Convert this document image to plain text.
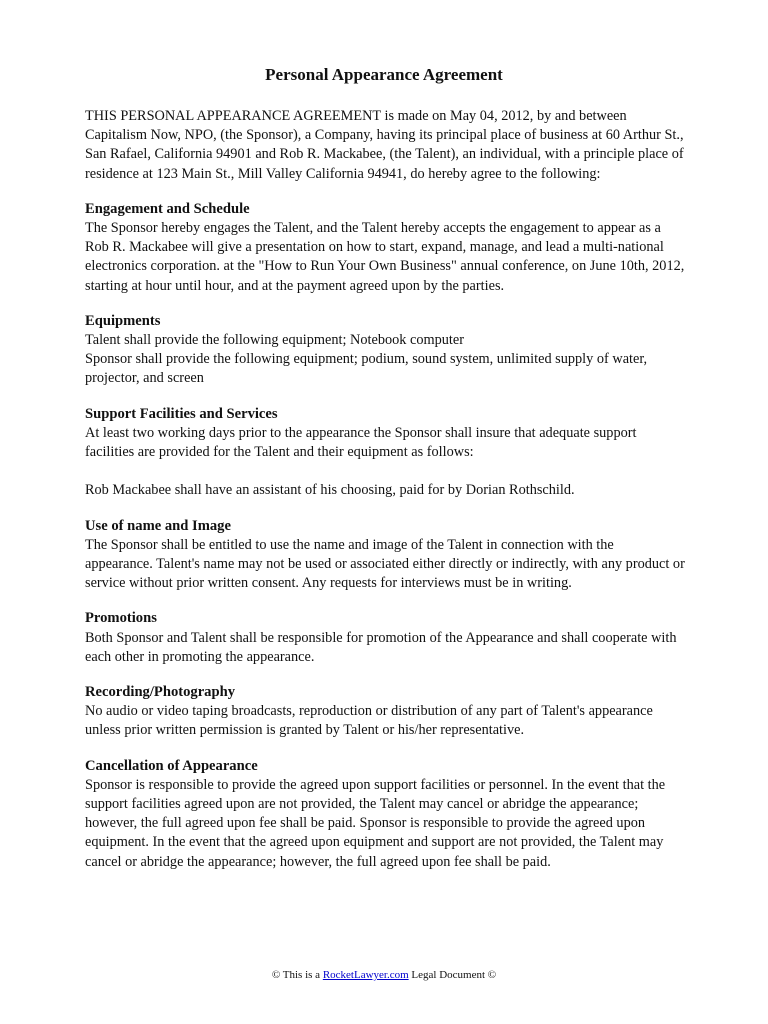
Personal Appearance Agreement

THIS PERSONAL APPEARANCE AGREEMENT is made on May 04, 2012, by and between Capitalism Now, NPO, (the Sponsor), a Company, having its principal place of business at 60 Arthur St., San Rafael, California 94901 and Rob R. Mackabee, (the Talent), an individual, with a principle place of residence at 123 Main St., Mill Valley California 94941, do hereby agree to the following:

Engagement and Schedule

The Sponsor hereby engages the Talent, and the Talent hereby accepts the engagement to appear as a Rob R. Mackabee will give a presentation on how to start, expand, manage, and lead a multi-national electronics corporation. at the "How to Run Your Own Business" annual conference, on June 10th, 2012, starting at hour until hour, and at the payment agreed upon by the parties.

Equipments

Talent shall provide the following equipment; Notebook computer

Sponsor shall provide the following equipment; podium, sound system, unlimited supply of water, projector, and screen

Support Facilities and Services

At least two working days prior to the appearance the Sponsor shall insure that adequate support facilities are provided for the Talent and their equipment as follows:

Rob Mackabee shall have an assistant of his choosing, paid for by Dorian Rothschild.

Use of name and Image

The Sponsor shall be entitled to use the name and image of the Talent in connection with the appearance. Talent's name may not be used or associated either directly or indirectly, with any product or service without prior written consent. Any requests for interviews must be in writing.

Promotions

Both Sponsor and Talent shall be responsible for promotion of the Appearance and shall cooperate with each other in promoting the appearance.

Recording/Photography

No audio or video taping broadcasts, reproduction or distribution of any part of Talent's appearance unless prior written permission is granted by Talent or his/her representative.

Cancellation of Appearance

Sponsor is responsible to provide the agreed upon support facilities or personnel. In the event that the support facilities agreed upon are not provided, the Talent may cancel or abridge the appearance; however, the full agreed upon fee shall be paid. Sponsor is responsible to provide the agreed upon equipment. In the event that the agreed upon equipment and support are not provided, the Talent may cancel or abridge the appearance; however, the full agreed upon fee shall be paid.

© This is a RocketLawyer.com Legal Document ©
